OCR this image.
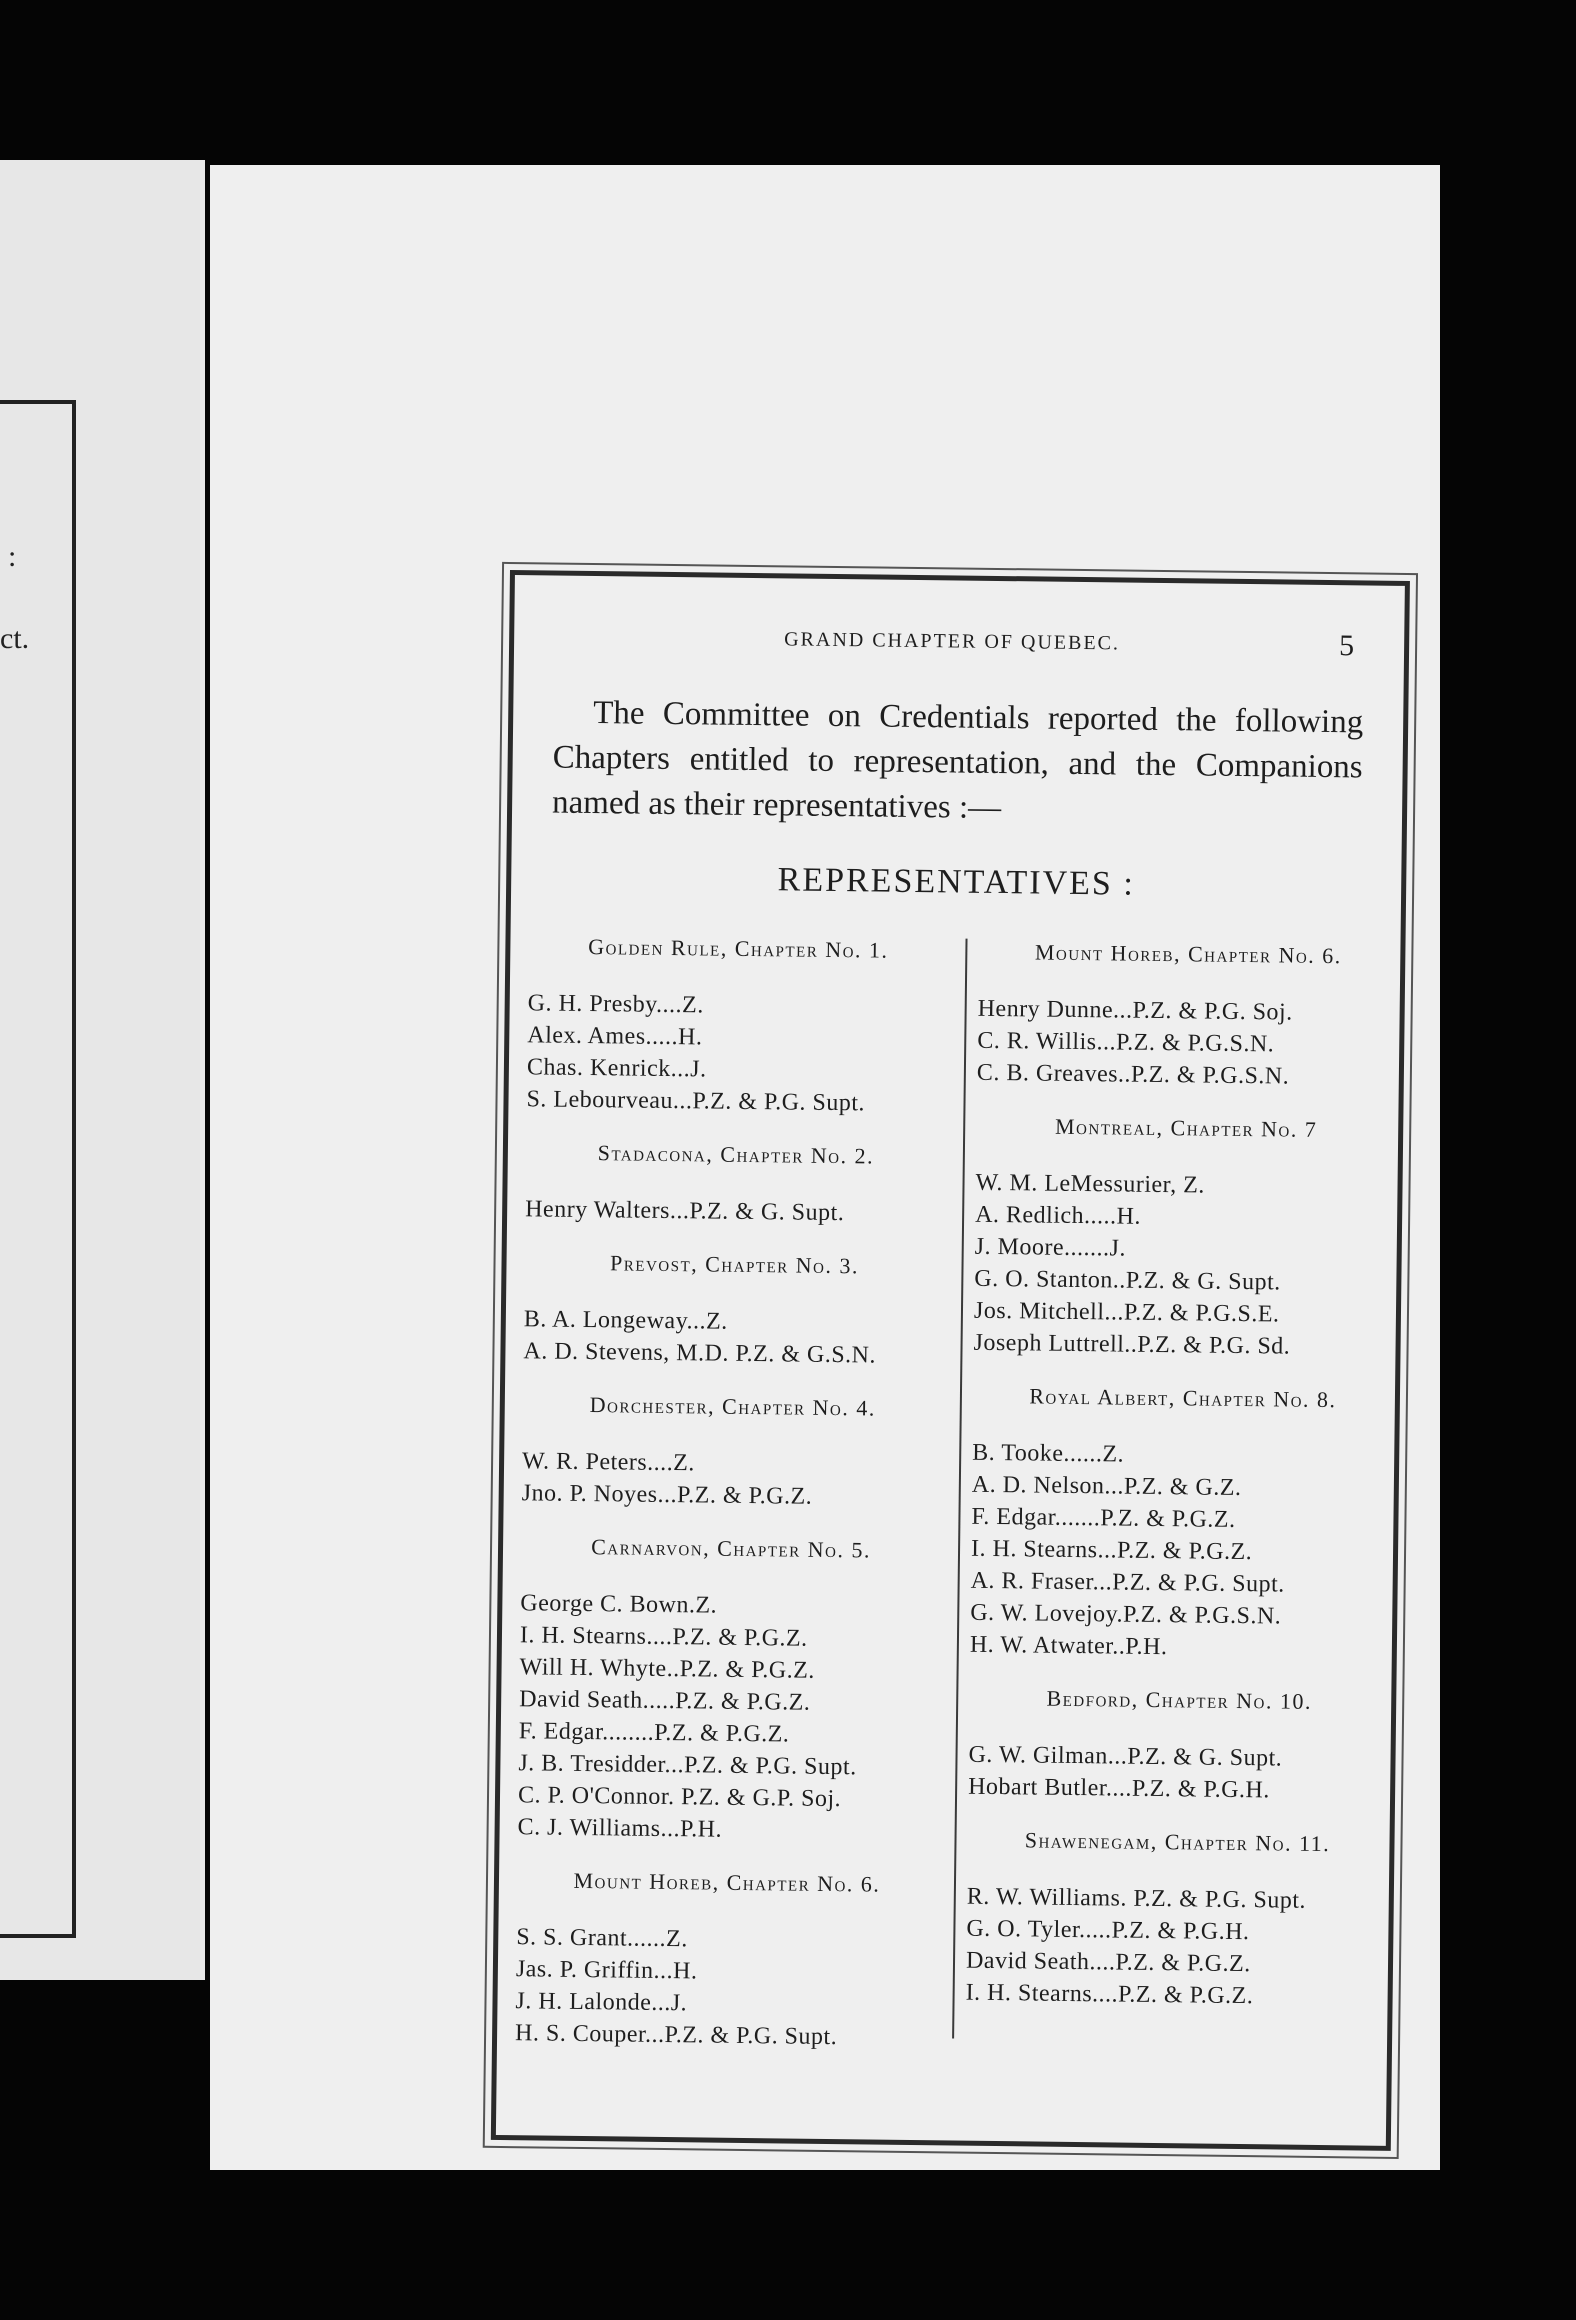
:
ct.	GRAND CHAPTER OF QUEBEC.	5

The Committee on Credentials reported the following Chapters entitled to representation, and the Companions named as their representatives :—

REPRESENTATIVES :
Golden Rule, Chapter No. 1.
G. H. Presby....Z.
Alex. Ames.....H.
Chas. Kenrick...J.
S. Lebourveau...P.Z. & P.G. Supt.
Stadacona, Chapter No. 2.
Henry Walters...P.Z. & G. Supt.
Prevost, Chapter No. 3.
B. A. Longeway...Z.
A. D. Stevens, M.D. P.Z. & G.S.N.
Dorchester, Chapter No. 4.
W. R. Peters....Z.
Jno. P. Noyes...P.Z. & P.G.Z.
Carnarvon, Chapter No. 5.
George C. Bown.Z.
I. H. Stearns....P.Z. & P.G.Z.
Will H. Whyte..P.Z. & P.G.Z.
David Seath.....P.Z. & P.G.Z.
F. Edgar........P.Z. & P.G.Z.
J. B. Tresidder...P.Z. & P.G. Supt.
C. P. O'Connor. P.Z. & G.P. Soj.
C. J. Williams...P.H.
Mount Horeb, Chapter No. 6.
S. S. Grant......Z.
Jas. P. Griffin...H.
J. H. Lalonde...J.
H. S. Couper...P.Z. & P.G. Supt.
Mount Horeb, Chapter No. 6.
Henry Dunne...P.Z. & P.G. Soj.
C. R. Willis...P.Z. & P.G.S.N.
C. B. Greaves..P.Z. & P.G.S.N.
Montreal, Chapter No. 7
W. M. LeMessurier, Z.
A. Redlich.....H.
J. Moore.......J.
G. O. Stanton..P.Z. & G. Supt.
Jos. Mitchell...P.Z. & P.G.S.E.
Joseph Luttrell..P.Z. & P.G. Sd.
Royal Albert, Chapter No. 8.
B. Tooke......Z.
A. D. Nelson...P.Z. & G.Z.
F. Edgar.......P.Z. & P.G.Z.
I. H. Stearns...P.Z. & P.G.Z.
A. R. Fraser...P.Z. & P.G. Supt.
G. W. Lovejoy.P.Z. & P.G.S.N.
H. W. Atwater..P.H.
Bedford, Chapter No. 10.
G. W. Gilman...P.Z. & G. Supt.
Hobart Butler....P.Z. & P.G.H.
Shawenegam, Chapter No. 11.
R. W. Williams. P.Z. & P.G. Supt.
G. O. Tyler.....P.Z. & P.G.H.
David Seath....P.Z. & P.G.Z.
I. H. Stearns....P.Z. & P.G.Z.
